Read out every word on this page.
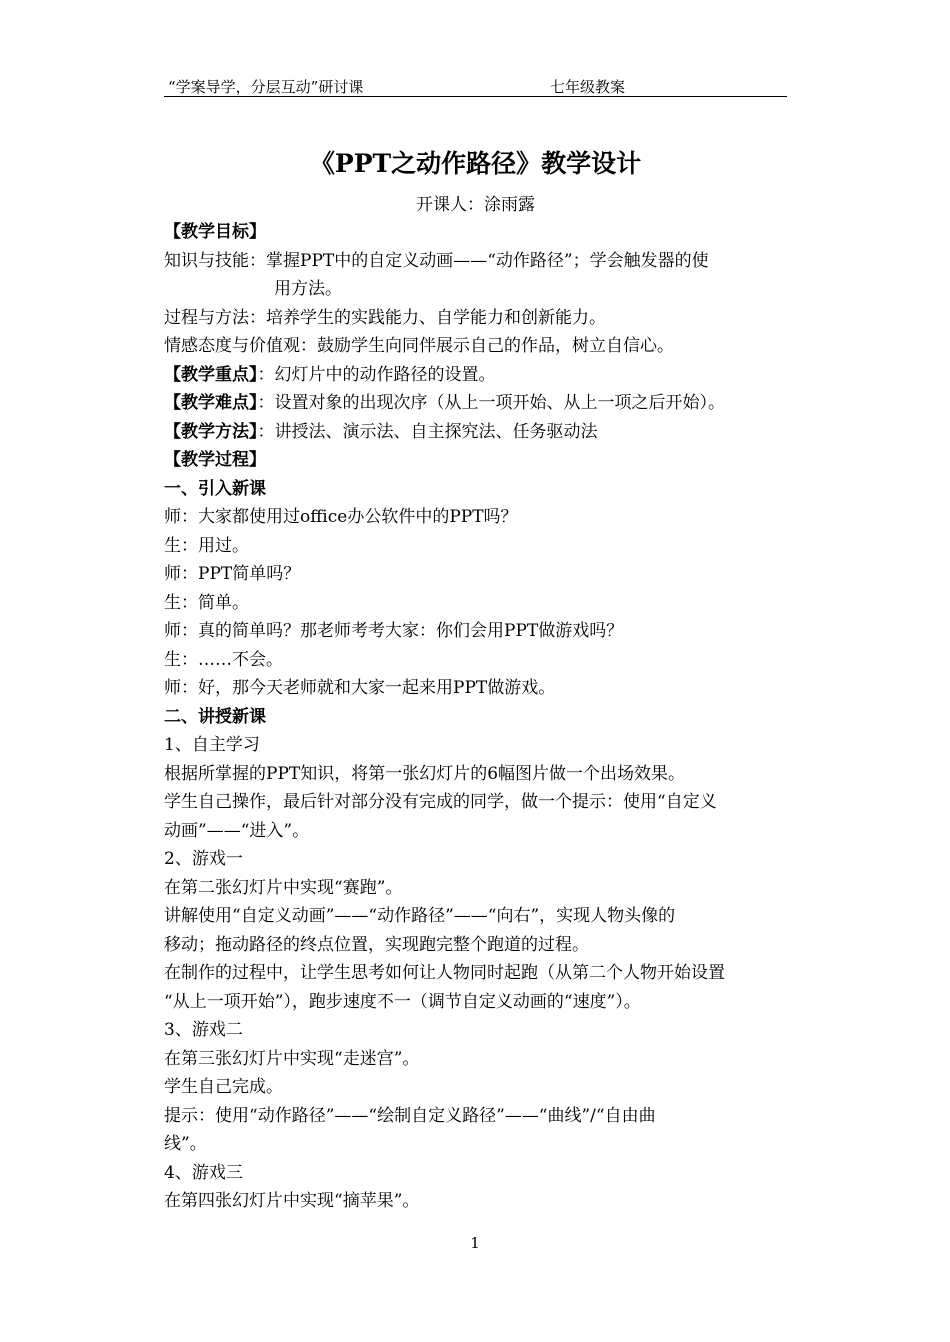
“学案导学，分层互动”研讨课	七年级教案
《PPT之动作路径》教学设计
开课人：涂雨露
【教学目标】
知识与技能：掌握PPT中的自定义动画——“动作路径”；学会触发器的使
用方法。
过程与方法：培养学生的实践能力、自学能力和创新能力。
情感态度与价值观：鼓励学生向同伴展示自己的作品，树立自信心。
【教学重点】：幻灯片中的动作路径的设置。
【教学难点】：设置对象的出现次序（从上一项开始、从上一项之后开始）。
【教学方法】：讲授法、演示法、自主探究法、任务驱动法
【教学过程】
一、引入新课
师：大家都使用过office办公软件中的PPT吗？
生：用过。
师：PPT简单吗？
生：简单。
师：真的简单吗？那老师考考大家：你们会用PPT做游戏吗？
生：……不会。
师：好，那今天老师就和大家一起来用PPT做游戏。
二、讲授新课
1、自主学习
根据所掌握的PPT知识，将第一张幻灯片的6幅图片做一个出场效果。
学生自己操作，最后针对部分没有完成的同学，做一个提示：使用“自定义
动画”——“进入”。
2、游戏一
在第二张幻灯片中实现“赛跑”。
讲解使用“自定义动画”——“动作路径”——“向右”，实现人物头像的
移动；拖动路径的终点位置，实现跑完整个跑道的过程。
在制作的过程中，让学生思考如何让人物同时起跑（从第二个人物开始设置
“从上一项开始”），跑步速度不一（调节自定义动画的“速度”）。
3、游戏二
在第三张幻灯片中实现“走迷宫”。
学生自己完成。
提示：使用“动作路径”——“绘制自定义路径”——“曲线”/“自由曲
线”。
4、游戏三
在第四张幻灯片中实现“摘苹果”。
1
